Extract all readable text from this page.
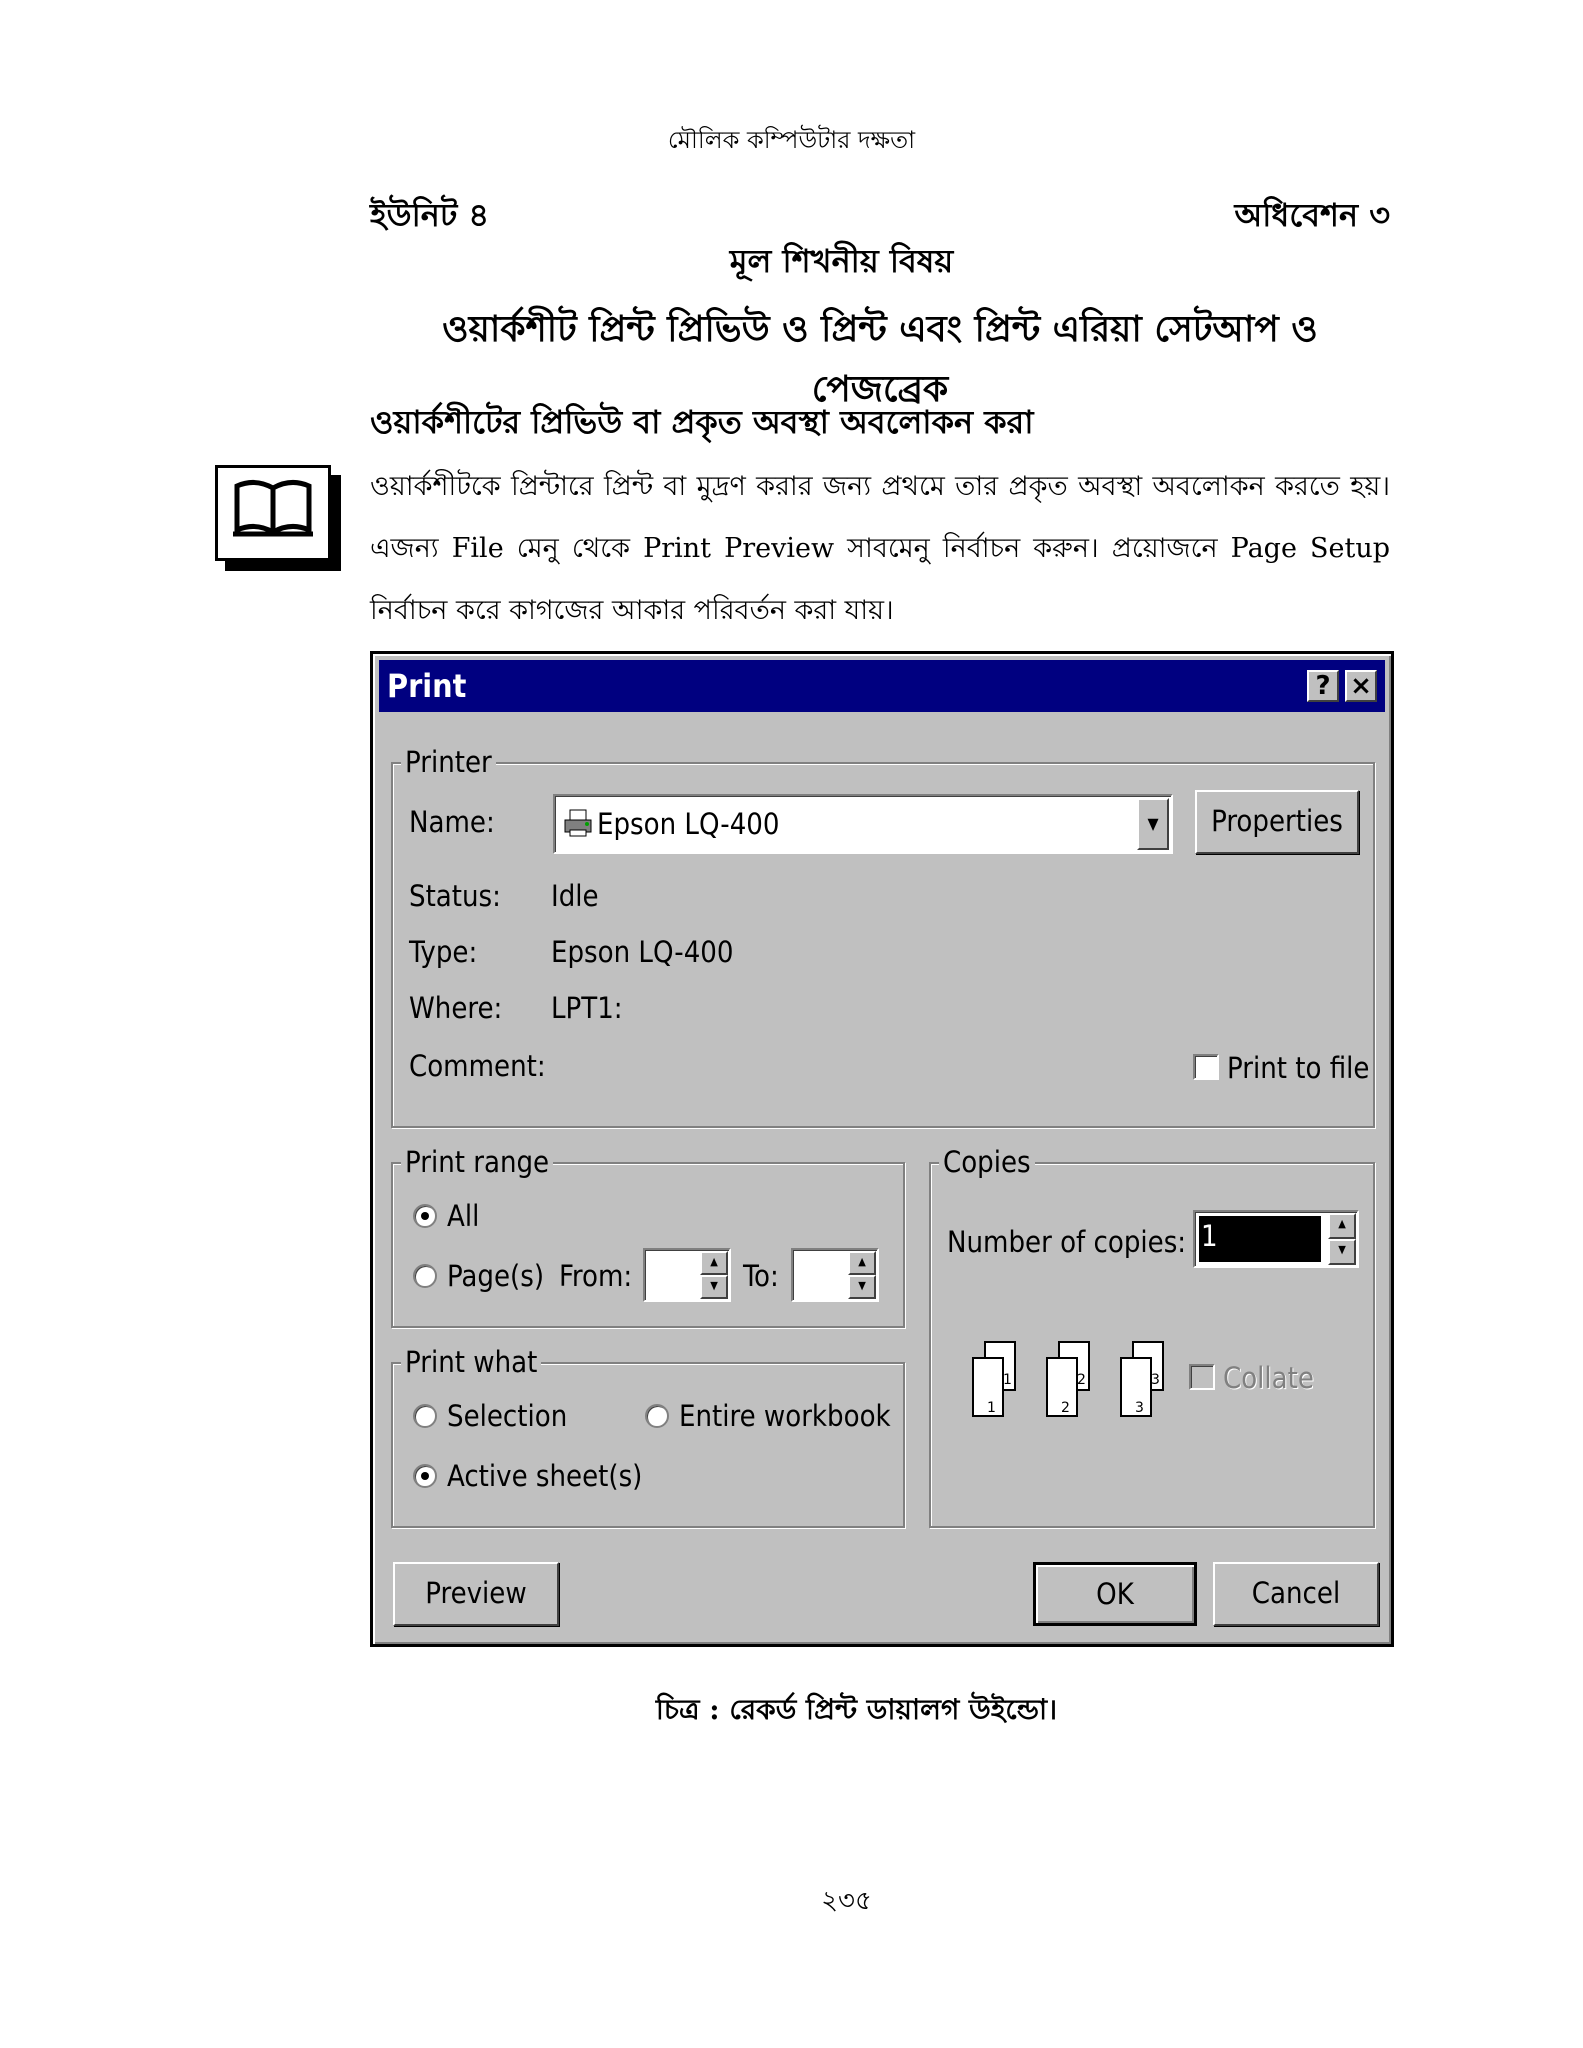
মৌলিক কম্পিউটার দক্ষতা
ইউনিট ৪	অধিবেশন ৩
মূল শিখনীয় বিষয়
ওয়ার্কশীট প্রিন্ট প্রিভিউ ও প্রিন্ট এবং প্রিন্ট এরিয়া সেটআপ ও পেজব্রেক
ওয়ার্কশীটের প্রিভিউ বা প্রকৃত অবস্থা অবলোকন করা
ওয়ার্কশীটকে প্রিন্টারে প্রিন্ট বা মুদ্রণ করার জন্য প্রথমে তার প্রকৃত অবস্থা অবলোকন করতে হয়। এজন্য File মেনু থেকে Print Preview সাবমেনু নির্বাচন করুন। প্রয়োজনে Page Setup নির্বাচন করে কাগজের আকার পরিবর্তন করা যায়।
Print	? ×
Printer
Name:	Epson LQ-400	▼	Properties
Status: Idle
Type:	Epson LQ-400
Where: LPT1:
Comment:	Print to file
Print range
All
Page(s) From:	▲
▼ To:	▲
▼
Print what
Selection	Entire workbook
Active sheet(s)
Copies
Number of copies: 1	▲
▼
1
1
2
2
3
3
Collate
Preview	OK	Cancel
চিত্র : রেকর্ড প্রিন্ট ডায়ালগ উইন্ডো।
২৩৫
